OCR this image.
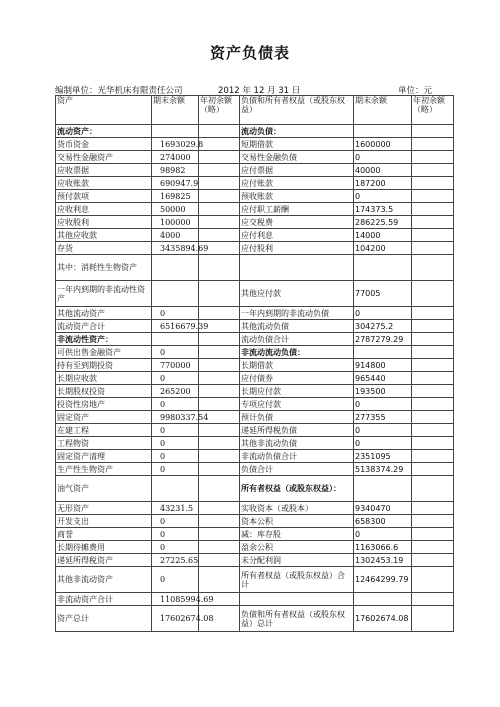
资产负债表
编制单位：光华机床有限责任公司	2012 年 12 月 31 日	单位：元
资产	期末余额	年初余额（略）	负债和所有者权益（或股东权益）	期末余额	年初余额（略）
流动资产：			流动负债：		
货币资金	1693029.8		短期借款	1600000	
交易性金融资产	274000		交易性金融负债	0	
应收票据	98982		应付票据	40000	
应收账款	690947.9		应付账款	187200	
预付款项	169825		预收账款	0	
应收利息	50000		应付职工薪酬	174373.5	
应收股利	100000		应交税费	286225.59	
其他应收款	4000		应付利息	14000	
存货	3435894.69		应付股利	104200	
其中：消耗性生物资产					
一年内到期的非流动性资产			其他应付款	77005	
其他流动资产	0		一年内到期的非流动负债	0	
流动资产合计	6516679.39		其他流动负债	304275.2	
非流动性资产：			流动负债合计	2787279.29	
可供出售金融资产	0		非流动流动负债：		
持有至到期投资	770000		长期借款	914800	
长期应收款	0		应付债券	965440	
长期股权投资	265200		长期应付款	193500	
投资性房地产	0		专项应付款	0	
固定资产	9980337.54		预计负债	277355	
在建工程	0		递延所得税负债	0	
工程物资	0		其他非流动负债	0	
固定资产清理	0		非流动负债合计	2351095	
生产性生物资产	0		负债合计	5138374.29	
油气资产			所有者权益（或股东权益）：		
无形资产	43231.5		实收资本（或股本）	9340470	
开发支出	0		资本公积	658300	
商誉	0		减：库存股	0	
长期待摊费用	0		盈余公积	1163066.6	
递延所得税资产	27225.65		未分配利润	1302453.19	
其他非流动资产	0		所有者权益（或股东权益）合计	12464299.79	
非流动资产合计	11085994.69				
资产总计	17602674.08		负债和所有者权益（或股东权益）总计	17602674.08	
